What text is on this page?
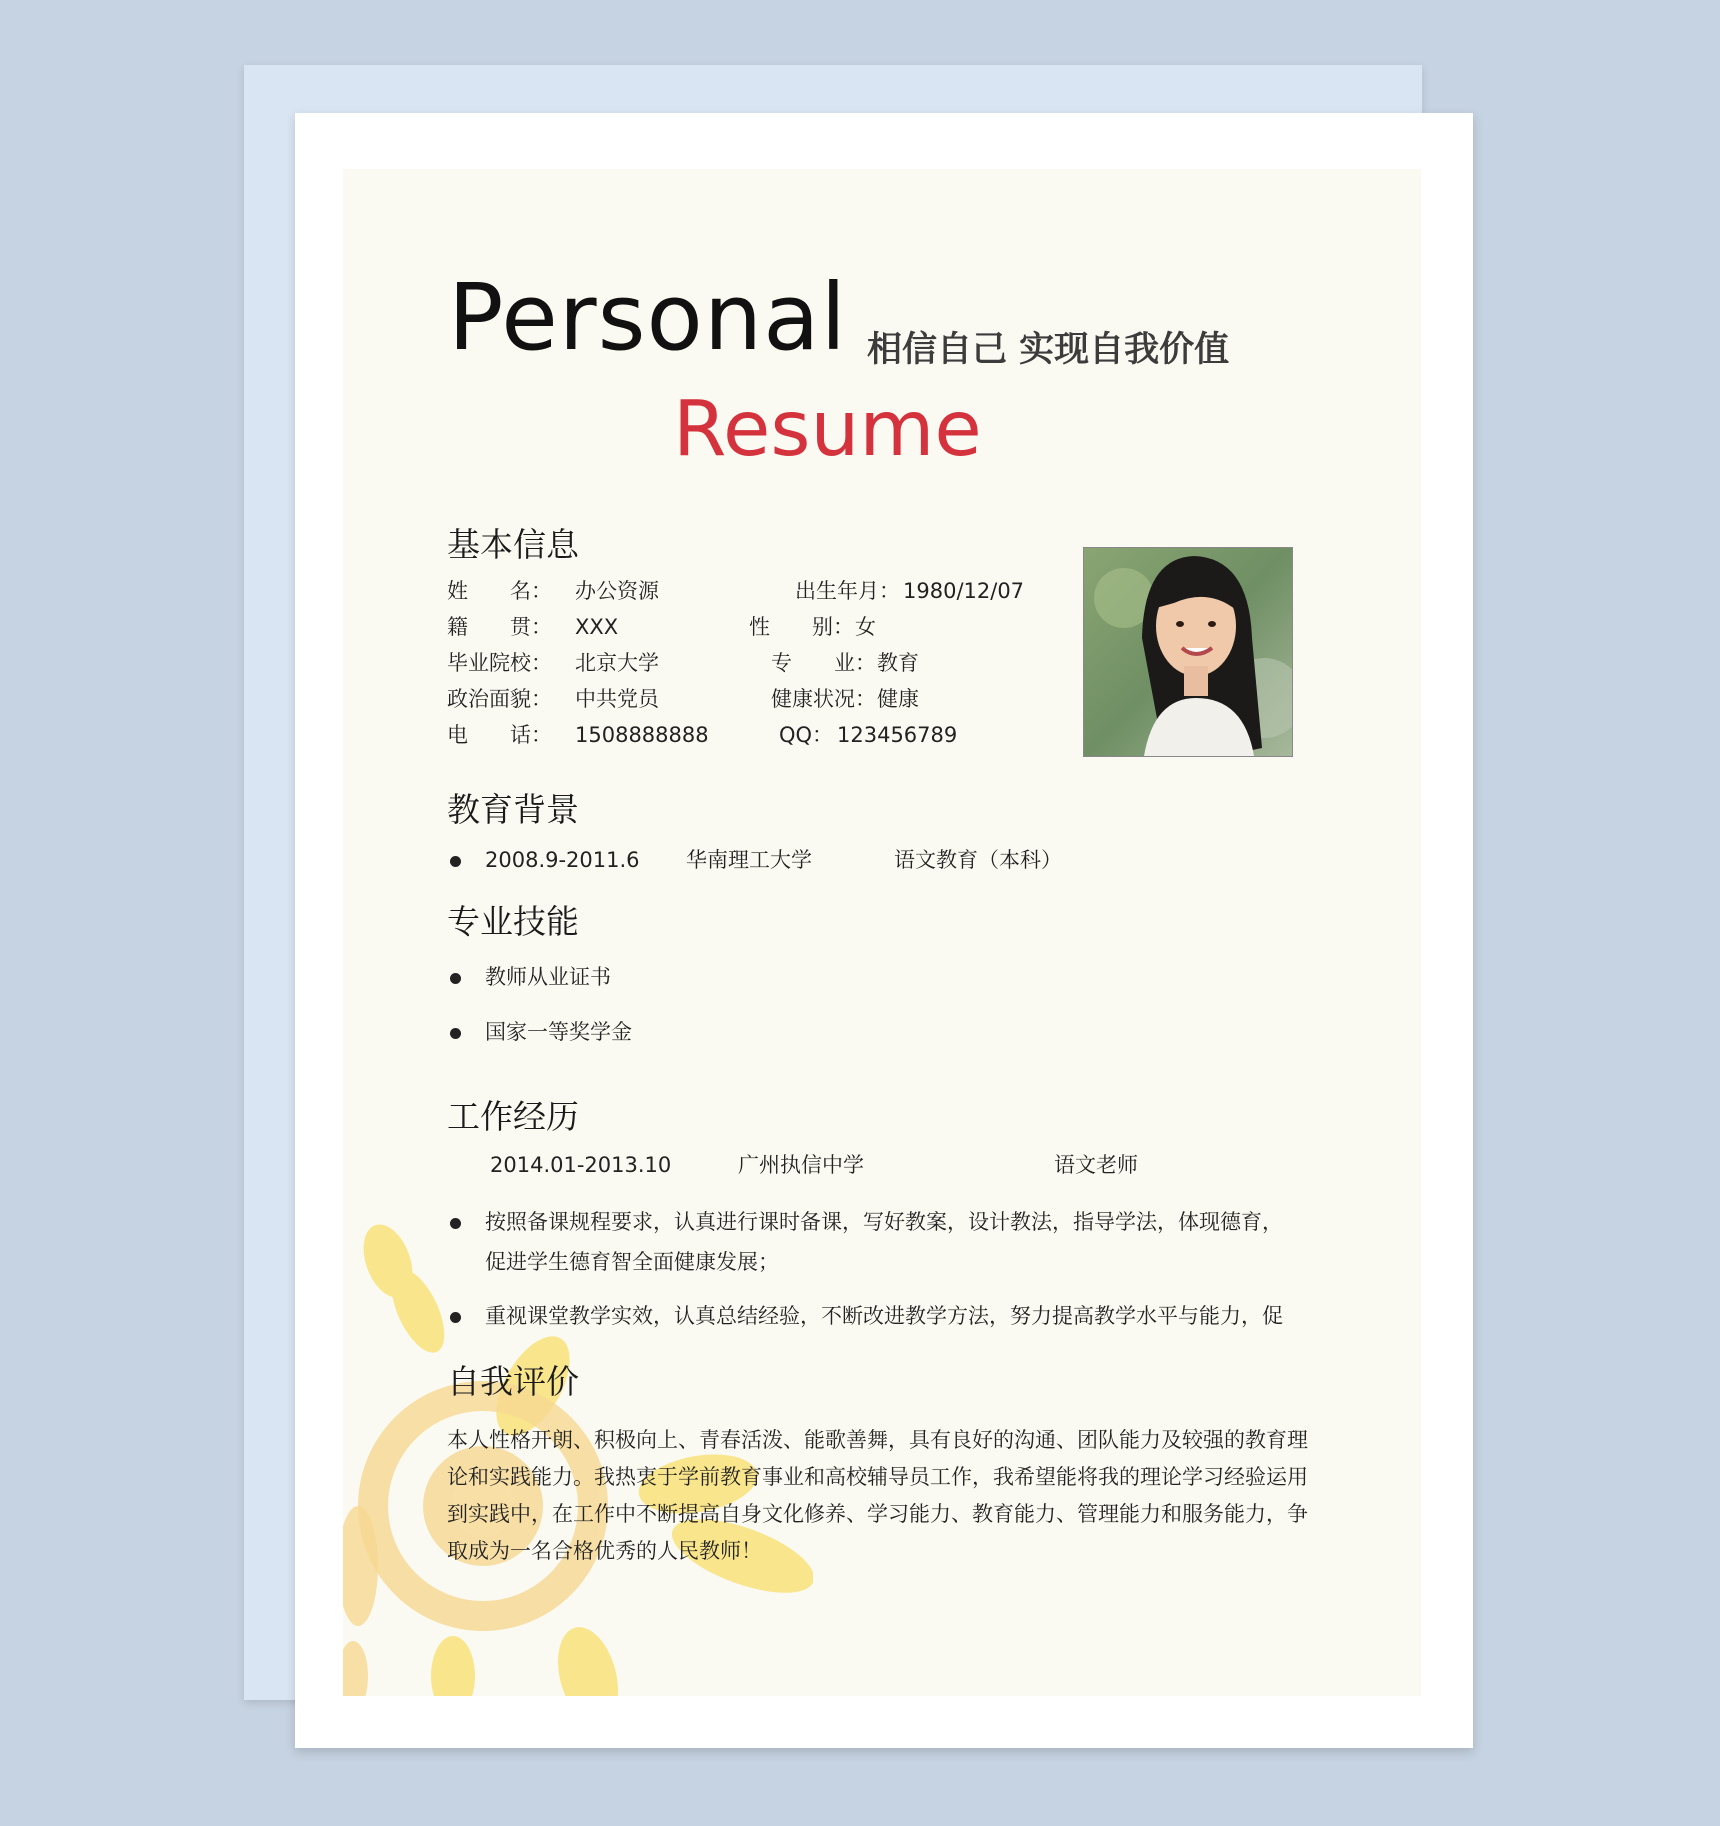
Personal 相信自己 实现自我价值
Resume
基本信息
姓　　名： 办公资源	出生年月： 1980/12/07
籍　　贯： XXX	性　　别： 女
毕业院校： 北京大学	专　　业： 教育
政治面貌： 中共党员	健康状况： 健康
电　　话： 1508888888	QQ： 123456789
教育背景
2008.9-2011.6 华南理工大学	语文教育（本科）
专业技能
教师从业证书
国家一等奖学金
工作经历
2014.01-2013.10	广州执信中学	语文老师
按照备课规程要求，认真进行课时备课，写好教案，设计教法，指导学法，体现德育，
促进学生德育智全面健康发展；
重视课堂教学实效，认真总结经验，不断改进教学方法，努力提高教学水平与能力，促
自我评价
本人性格开朗、积极向上、青春活泼、能歌善舞，具有良好的沟通、团队能力及较强的教育理
论和实践能力。我热衷于学前教育事业和高校辅导员工作，我希望能将我的理论学习经验运用
到实践中，在工作中不断提高自身文化修养、学习能力、教育能力、管理能力和服务能力，争
取成为一名合格优秀的人民教师！
